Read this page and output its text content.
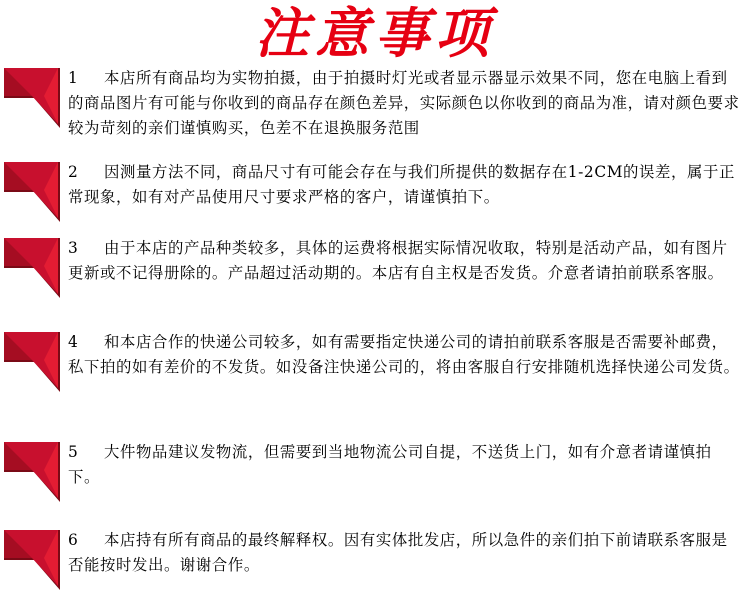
注意事项
1 本店所有商品均为实物拍摄，由于拍摄时灯光或者显示器显示效果不同，您在电脑上看到的商品图片有可能与你收到的商品存在颜色差异，实际颜色以你收到的商品为准，请对颜色要求较为苛刻的亲们谨慎购买，色差不在退换服务范围
2 因测量方法不同，商品尺寸有可能会存在与我们所提供的数据存在1-2CM的误差，属于正常现象，如有对产品使用尺寸要求严格的客户，请谨慎拍下。
3 由于本店的产品种类较多，具体的运费将根据实际情况收取，特别是活动产品，如有图片更新或不记得册除的。产品超过活动期的。本店有自主权是否发货。介意者请拍前联系客服。
4 和本店合作的快递公司较多，如有需要指定快递公司的请拍前联系客服是否需要补邮费，私下拍的如有差价的不发货。如没备注快递公司的，将由客服自行安排随机选择快递公司发货。
5 大件物品建议发物流，但需要到当地物流公司自提，不送货上门，如有介意者请谨慎拍下。
6 本店持有所有商品的最终解释权。因有实体批发店，所以急件的亲们拍下前请联系客服是否能按时发出。谢谢合作。
